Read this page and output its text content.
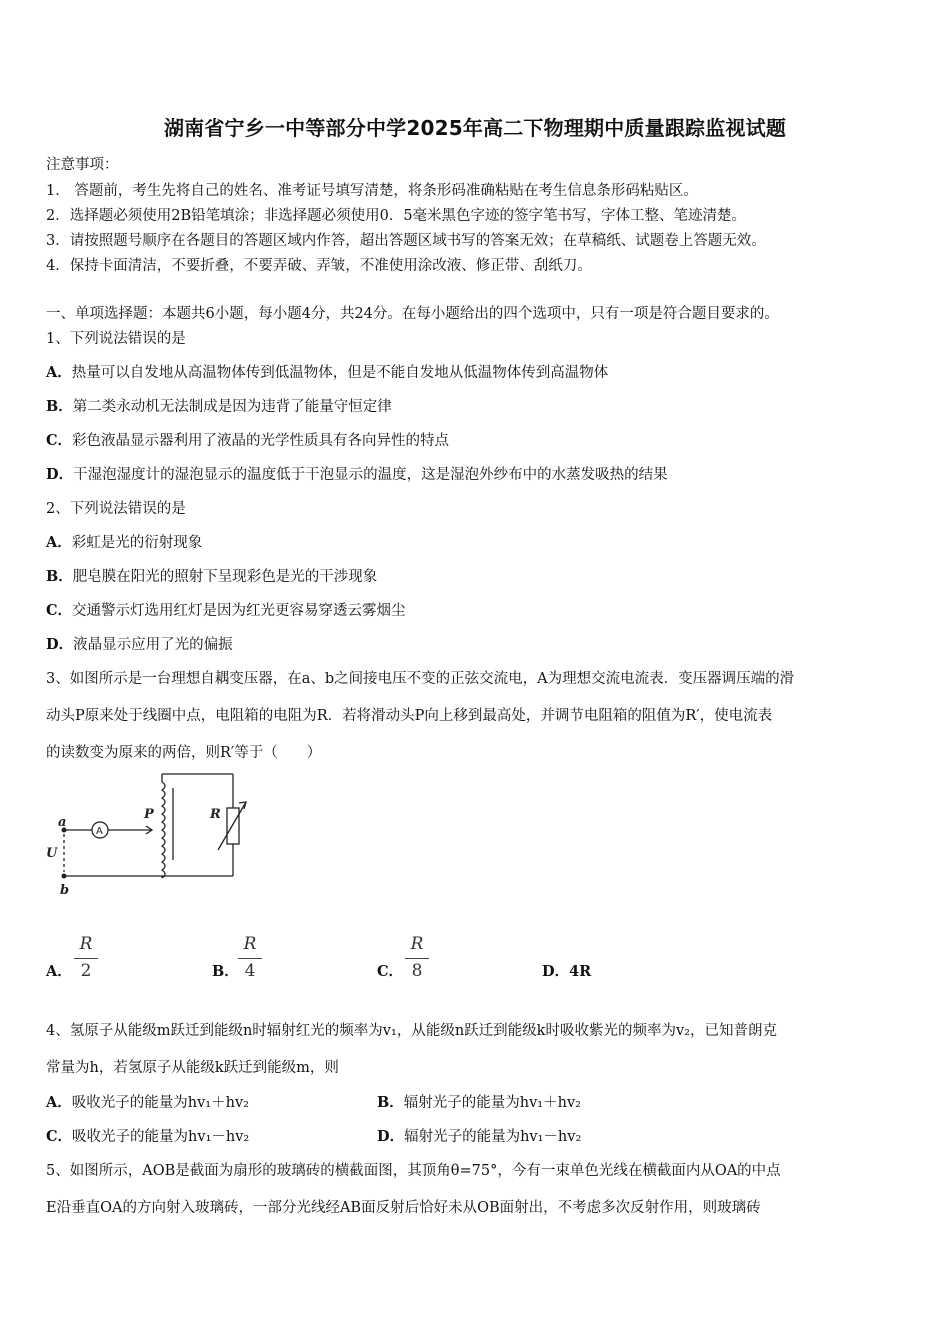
湖南省宁乡一中等部分中学2025年高二下物理期中质量跟踪监视试题
注意事项：
1． 答题前，考生先将自己的姓名、准考证号填写清楚，将条形码准确粘贴在考生信息条形码粘贴区。
2．选择题必须使用2B铅笔填涂；非选择题必须使用0．5毫米黑色字迹的签字笔书写，字体工整、笔迹清楚。
3．请按照题号顺序在各题目的答题区域内作答，超出答题区域书写的答案无效；在草稿纸、试题卷上答题无效。
4．保持卡面清洁，不要折叠，不要弄破、弄皱，不准使用涂改液、修正带、刮纸刀。
一、单项选择题：本题共6小题，每小题4分，共24分。在每小题给出的四个选项中，只有一项是符合题目要求的。
1、下列说法错误的是
A．热量可以自发地从高温物体传到低温物体，但是不能自发地从低温物体传到高温物体
B．第二类永动机无法制成是因为违背了能量守恒定律
C．彩色液晶显示器利用了液晶的光学性质具有各向异性的特点
D．干湿泡湿度计的湿泡显示的温度低于干泡显示的温度，这是湿泡外纱布中的水蒸发吸热的结果
2、下列说法错误的是
A．彩虹是光的衍射现象
B．肥皂膜在阳光的照射下呈现彩色是光的干涉现象
C．交通警示灯选用红灯是因为红光更容易穿透云雾烟尘
D．液晶显示应用了光的偏振
3、如图所示是一台理想自耦变压器，在a、b之间接电压不变的正弦交流电，A为理想交流电流表．变压器调压端的滑
动头P原来处于线圈中点，电阻箱的电阻为R．若将滑动头P向上移到最高处，并调节电阻箱的阻值为R′，使电流表
的读数变为原来的两倍，则R′等于（　　）
a
b
U
P	R
A
A．
R
2	B．
R
4	C．
R
8	D．4R
4、氢原子从能级m跃迁到能级n时辐射红光的频率为v₁，从能级n跃迁到能级k时吸收紫光的频率为v₂，已知普朗克
常量为h，若氢原子从能级k跃迁到能级m，则
A．吸收光子的能量为hv₁＋hv₂	B．辐射光子的能量为hv₁＋hv₂
C．吸收光子的能量为hv₁－hv₂	D．辐射光子的能量为hv₁－hv₂
5、如图所示，AOB是截面为扇形的玻璃砖的横截面图，其顶角θ=75°，今有一束单色光线在横截面内从OA的中点
E沿垂直OA的方向射入玻璃砖，一部分光线经AB面反射后恰好未从OB面射出，不考虑多次反射作用，则玻璃砖
